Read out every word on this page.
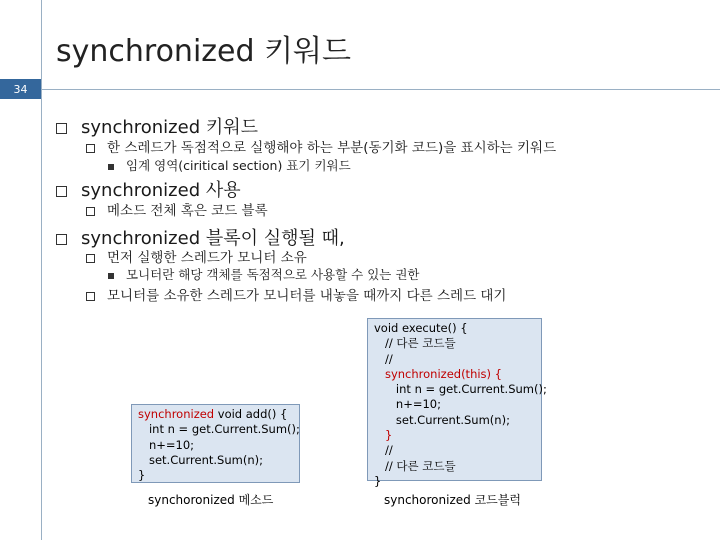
synchronized 키워드
34
synchronized 키워드
한 스레드가 독점적으로 실행해야 하는 부분(동기화 코드)을 표시하는 키워드
임계 영역(ciritical section) 표기 키워드
synchronized 사용
메소드 전체 혹은 코드 블록
synchronized 블록이 실행될 때,
먼저 실행한 스레드가 모니터 소유
모니터란 해당 객체를 독점적으로 사용할 수 있는 권한
모니터를 소유한 스레드가 모니터를 내놓을 때까지 다른 스레드 대기
synchronized void add() {
int n = get.Current.Sum();
n+=10;
set.Current.Sum(n);
}
synchoronized 메소드
void execute() {
// 다른 코드들
//
synchronized(this) {
int n = get.Current.Sum();
n+=10;
set.Current.Sum(n);
}
//
// 다른 코드들
}
synchoronized 코드블럭
